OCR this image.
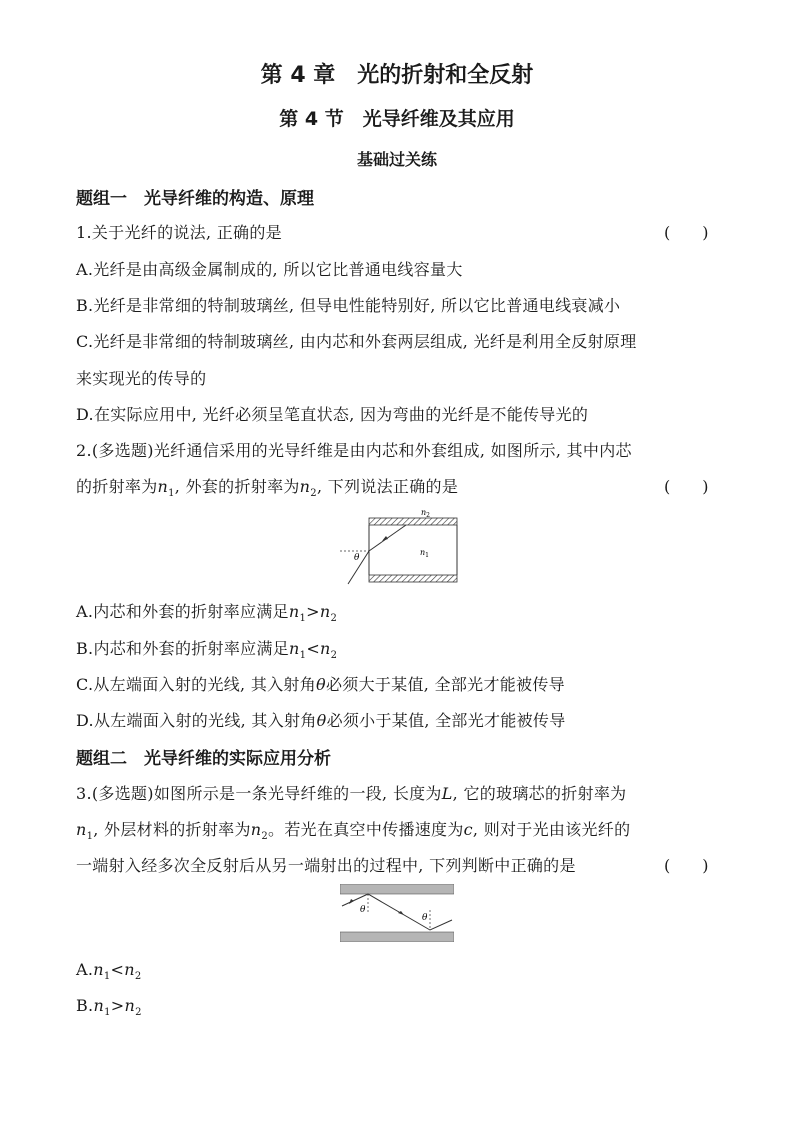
第 4 章　光的折射和全反射
第 4 节　光导纤维及其应用
基础过关练
题组一　光导纤维的构造、原理
1.关于光纤的说法, 正确的是	(　　)
A.光纤是由高级金属制成的, 所以它比普通电线容量大
B.光纤是非常细的特制玻璃丝, 但导电性能特别好, 所以它比普通电线衰减小
C.光纤是非常细的特制玻璃丝, 由内芯和外套两层组成, 光纤是利用全反射原理
来实现光的传导的
D.在实际应用中, 光纤必须呈笔直状态, 因为弯曲的光纤是不能传导光的
2.(多选题)光纤通信采用的光导纤维是由内芯和外套组成, 如图所示, 其中内芯
的折射率为$n_1$, 外套的折射率为$n_2$, 下列说法正确的是	(　　)
$n_2$
$n_1$
θ
A.内芯和外套的折射率应满足$n_1>n_2$
B.内芯和外套的折射率应满足$n_1<n_2$
C.从左端面入射的光线, 其入射角θ必须大于某值, 全部光才能被传导
D.从左端面入射的光线, 其入射角θ必须小于某值, 全部光才能被传导
题组二　光导纤维的实际应用分析
3.(多选题)如图所示是一条光导纤维的一段, 长度为L, 它的玻璃芯的折射率为
$n_1$, 外层材料的折射率为$n_2$。若光在真空中传播速度为c, 则对于光由该光纤的
一端射入经多次全反射后从另一端射出的过程中, 下列判断中正确的是	(　　)
θ
θ
$A.n_1<n_2$
$B.n_1>n_2$
